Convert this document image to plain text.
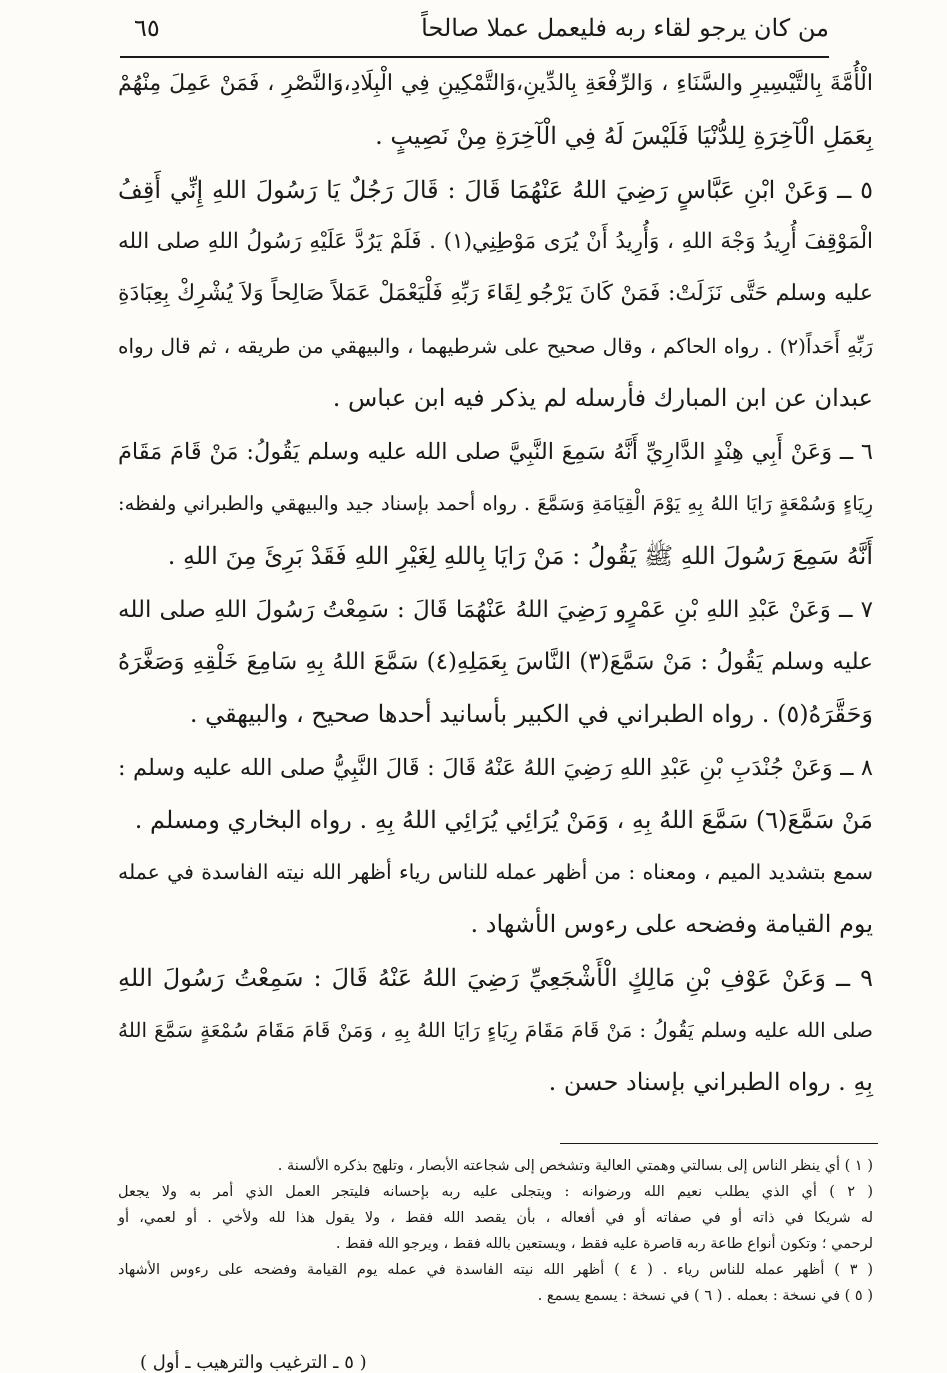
٦٥	من كان يرجو لقاء ربه فليعمل عملا صالحاً
الْأُمَّةَ بِالتَّيْسِيرِ والسَّنَاءِ ، وَالرِّفْعَةِ بِالدِّينِ،وَالتَّمْكِينِ فِي الْبِلَادِ،وَالنَّصْرِ ، فَمَنْ عَمِلَ مِنْهُمْ
بِعَمَلِ الْآخِرَةِ لِلدُّنْيَا فَلَيْسَ لَهُ فِي الْآخِرَةِ مِنْ نَصِيبٍ .
٥ ــ وَعَنْ ابْنِ عَبَّاسٍ رَضِيَ اللهُ عَنْهُمَا قَالَ : قَالَ رَجُلٌ يَا رَسُولَ اللهِ إِنِّي أَقِفُ
الْمَوْقِفَ أُرِيدُ وَجْهَ اللهِ ، وَأُرِيدُ أَنْ يُرَى مَوْطِنِي(١) . فَلَمْ يَرُدَّ عَلَيْهِ رَسُولُ اللهِ صلى الله
عليه وسلم حَتَّى نَزَلَتْ: فَمَنْ كَانَ يَرْجُو لِقَاءَ رَبِّهِ فَلْيَعْمَلْ عَمَلاً صَالِحاً وَلاَ يُشْرِكْ بِعِبَادَةِ
رَبِّهِ أَحَداً(٢) . رواه الحاكم ، وقال صحيح على شرطيهما ، والبيهقي من طريقه ، ثم قال رواه
عبدان عن ابن المبارك فأرسله لم يذكر فيه ابن عباس .
٦ ــ وَعَنْ أَبِي هِنْدٍ الدَّارِيِّ أَنَّهُ سَمِعَ النَّبِيَّ صلى الله عليه وسلم يَقُولُ: مَنْ قَامَ مَقَامَ
رِيَاءٍ وَسُمْعَةٍ رَايَا اللهُ بِهِ يَوْمَ الْقِيَامَةِ وَسَمَّعَ . رواه أحمد بإسناد جيد والبيهقي والطبراني ولفظه:
أَنَّهُ سَمِعَ رَسُولَ اللهِ ﷺ يَقُولُ : مَنْ رَايَا بِاللهِ لِغَيْرِ اللهِ فَقَدْ بَرِئَ مِنَ اللهِ .
٧ ــ وَعَنْ عَبْدِ اللهِ بْنِ عَمْرٍو رَضِيَ اللهُ عَنْهُمَا قَالَ : سَمِعْتُ رَسُولَ اللهِ صلى الله
عليه وسلم يَقُولُ : مَنْ سَمَّعَ(٣) النَّاسَ بِعَمَلِهِ(٤) سَمَّعَ اللهُ بِهِ سَامِعَ خَلْقِهِ وَصَغَّرَهُ
وَحَقَّرَهُ(٥) . رواه الطبراني في الكبير بأسانيد أحدها صحيح ، والبيهقي .
٨ ــ وَعَنْ جُنْدَبِ بْنِ عَبْدِ اللهِ رَضِيَ اللهُ عَنْهُ قَالَ : قَالَ النَّبِيُّ صلى الله عليه وسلم :
مَنْ سَمَّعَ(٦) سَمَّعَ اللهُ بِهِ ، وَمَنْ يُرَائِي يُرَائِي اللهُ بِهِ . رواه البخاري ومسلم .
سمع بتشديد الميم ، ومعناه : من أظهر عمله للناس رياء أظهر الله نيته الفاسدة في عمله
يوم القيامة وفضحه على رءوس الأشهاد .
٩ ــ وَعَنْ عَوْفِ بْنِ مَالِكٍ الْأَشْجَعِيِّ رَضِيَ اللهُ عَنْهُ قَالَ : سَمِعْتُ رَسُولَ اللهِ
صلى الله عليه وسلم يَقُولُ : مَنْ قَامَ مَقَامَ رِيَاءٍ رَايَا اللهُ بِهِ ، وَمَنْ قَامَ مَقَامَ سُمْعَةٍ سَمَّعَ اللهُ
بِهِ . رواه الطبراني بإسناد حسن .
( ١ ) أي ينظر الناس إلى بسالتي وهمتي العالية وتشخص إلى شجاعته الأبصار ، وتلهج بذكره الألسنة .
( ٢ ) أي الذي يطلب نعيم الله ورضوانه : ويتجلى عليه ربه بإحسانه فليتجر العمل الذي أمر به ولا يجعل
له شريكا في ذاته أو في صفاته أو في أفعاله ، بأن يقصد الله فقط ، ولا يقول هذا لله ولأخي . أو لعمي، أو
لرحمي ؛ وتكون أنواع طاعة ربه قاصرة عليه فقط ، ويستعين بالله فقط ، ويرجو الله فقط .
( ٣ ) أظهر عمله للناس رياء . ( ٤ ) أظهر الله نيته الفاسدة في عمله يوم القيامة وفضحه على رءوس الأشهاد
( ٥ ) في نسخة : بعمله . ( ٦ ) في نسخة : يسمع يسمع .
( ٥ ـ الترغيب والترهيب ـ أول )
